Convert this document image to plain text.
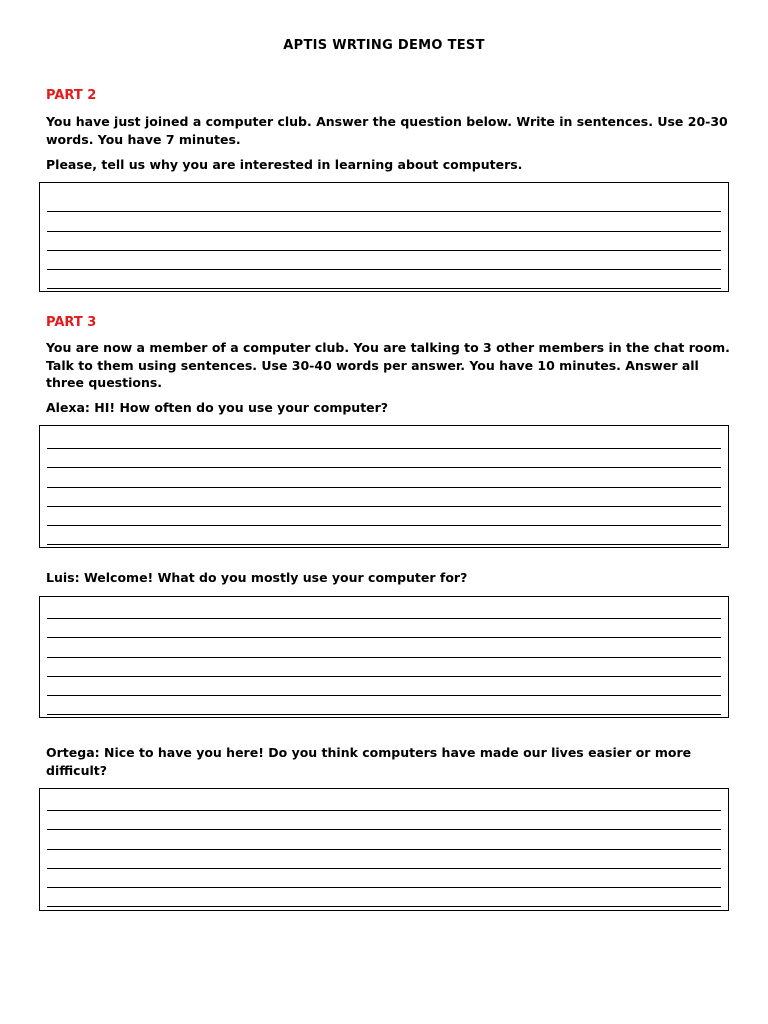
APTIS WRTING DEMO TEST
PART 2
You have just joined a computer club. Answer the question below. Write in sentences. Use 20-30 words. You have 7 minutes.
Please, tell us why you are interested in learning about computers.
PART 3
You are now a member of a computer club. You are talking to 3 other members in the chat room. Talk to them using sentences. Use 30-40 words per answer. You have 10 minutes. Answer all three questions.
Alexa: HI! How often do you use your computer?
Luis: Welcome! What do you mostly use your computer for?
Ortega: Nice to have you here! Do you think computers have made our lives easier or more difficult?
